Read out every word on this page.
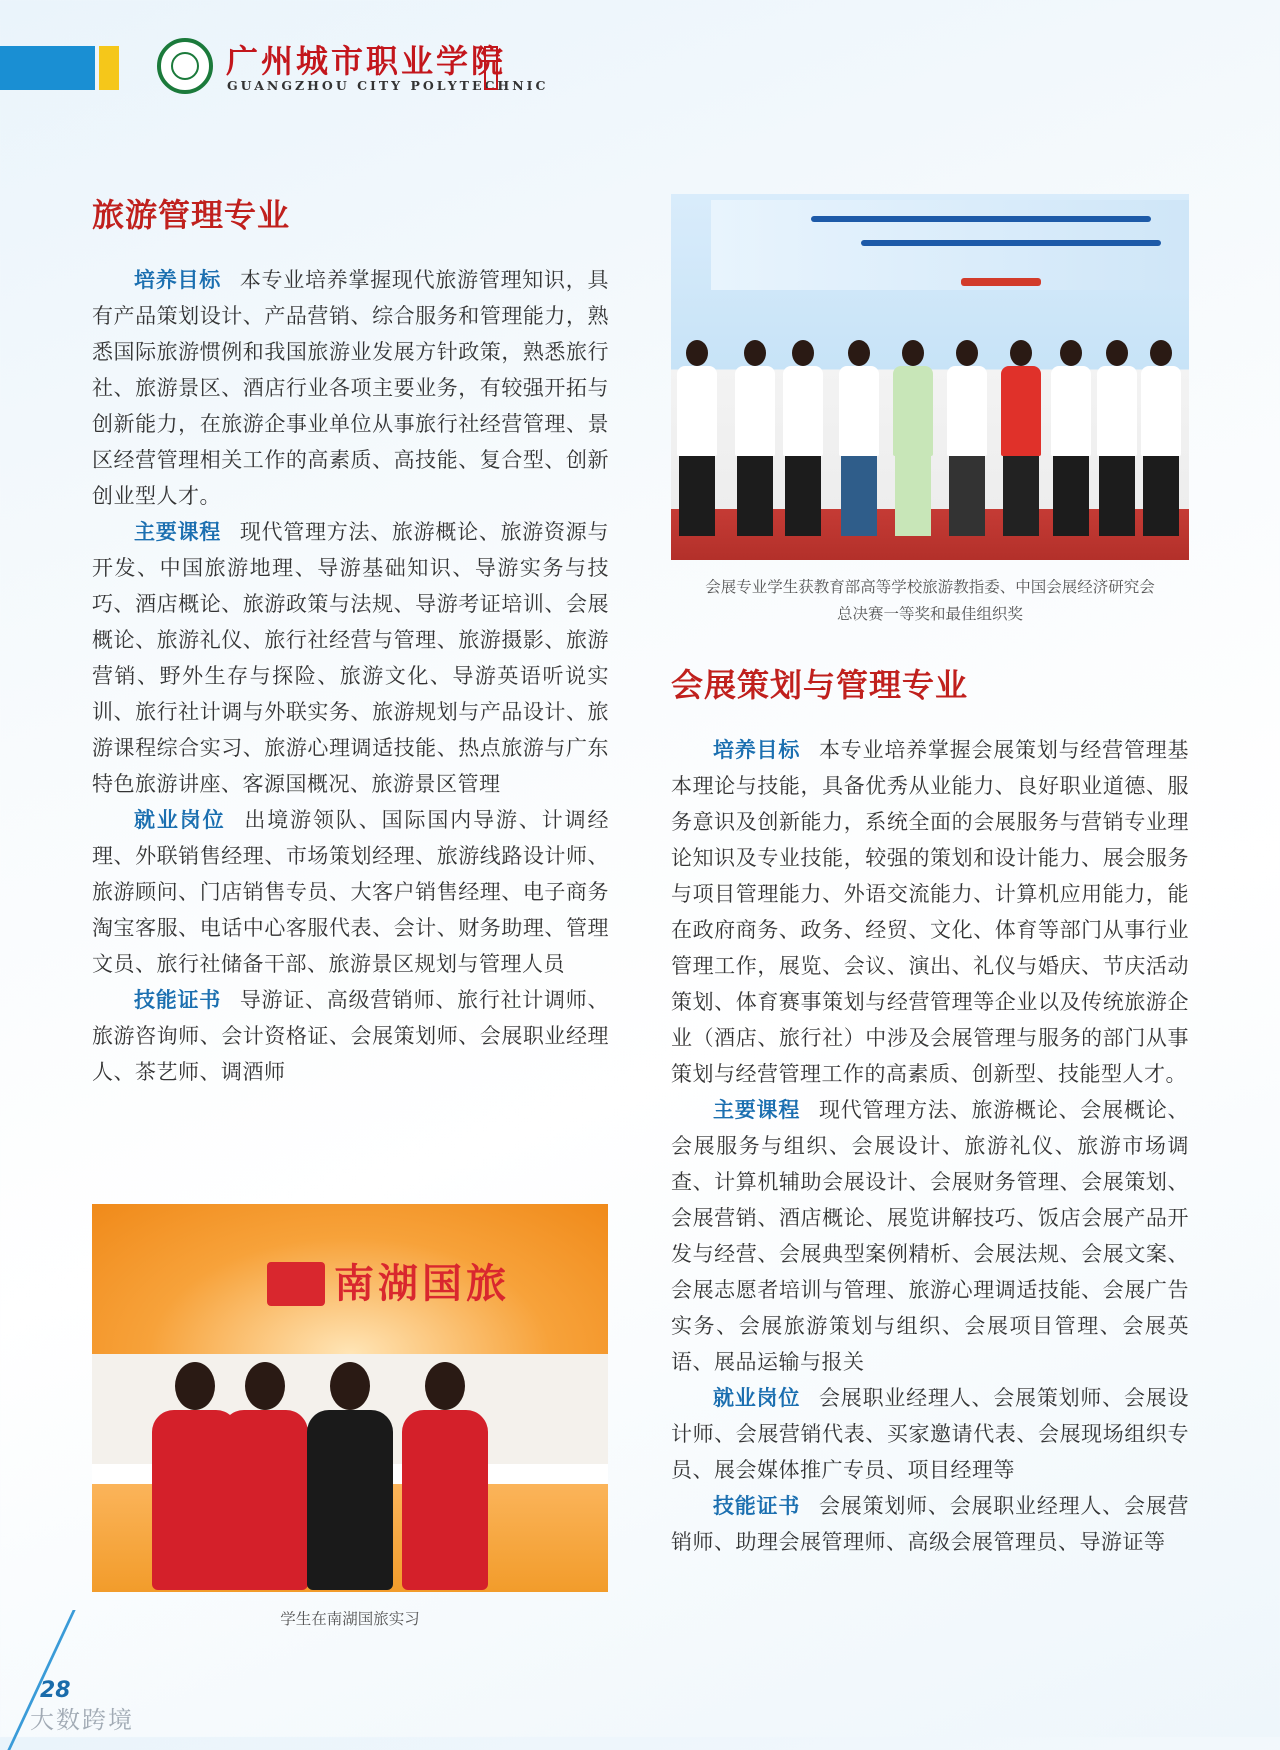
广州城市职业学院
GUANGZHOU CITY POLYTECHNIC
旅游管理专业

培养目标 本专业培养掌握现代旅游管理知识，具有产品策划设计、产品营销、综合服务和管理能力，熟悉国际旅游惯例和我国旅游业发展方针政策，熟悉旅行社、旅游景区、酒店行业各项主要业务，有较强开拓与创新能力，在旅游企事业单位从事旅行社经营管理、景区经营管理相关工作的高素质、高技能、复合型、创新创业型人才。

主要课程 现代管理方法、旅游概论、旅游资源与开发、中国旅游地理、导游基础知识、导游实务与技巧、酒店概论、旅游政策与法规、导游考证培训、会展概论、旅游礼仪、旅行社经营与管理、旅游摄影、旅游营销、野外生存与探险、旅游文化、导游英语听说实训、旅行社计调与外联实务、旅游规划与产品设计、旅游课程综合实习、旅游心理调适技能、热点旅游与广东特色旅游讲座、客源国概况、旅游景区管理

就业岗位 出境游领队、国际国内导游、计调经理、外联销售经理、市场策划经理、旅游线路设计师、旅游顾问、门店销售专员、大客户销售经理、电子商务淘宝客服、电话中心客服代表、会计、财务助理、管理文员、旅行社储备干部、旅游景区规划与管理人员

技能证书 导游证、高级营销师、旅行社计调师、旅游咨询师、会计资格证、会展策划师、会展职业经理人、茶艺师、调酒师

会展专业学生获教育部高等学校旅游教指委、中国会展经济研究会
总决赛一等奖和最佳组织奖

会展策划与管理专业

培养目标 本专业培养掌握会展策划与经营管理基本理论与技能，具备优秀从业能力、良好职业道德、服务意识及创新能力，系统全面的会展服务与营销专业理论知识及专业技能，较强的策划和设计能力、展会服务与项目管理能力、外语交流能力、计算机应用能力，能在政府商务、政务、经贸、文化、体育等部门从事行业管理工作，展览、会议、演出、礼仪与婚庆、节庆活动策划、体育赛事策划与经营管理等企业以及传统旅游企业（酒店、旅行社）中涉及会展管理与服务的部门从事策划与经营管理工作的高素质、创新型、技能型人才。

主要课程 现代管理方法、旅游概论、会展概论、会展服务与组织、会展设计、旅游礼仪、旅游市场调查、计算机辅助会展设计、会展财务管理、会展策划、会展营销、酒店概论、展览讲解技巧、饭店会展产品开发与经营、会展典型案例精析、会展法规、会展文案、会展志愿者培训与管理、旅游心理调适技能、会展广告实务、会展旅游策划与组织、会展项目管理、会展英语、展品运输与报关

就业岗位 会展职业经理人、会展策划师、会展设计师、会展营销代表、买家邀请代表、会展现场组织专员、展会媒体推广专员、项目经理等

技能证书 会展策划师、会展职业经理人、会展营销师、助理会展管理师、高级会展管理员、导游证等

南湖国旅

学生在南湖国旅实习

28
大数跨境
